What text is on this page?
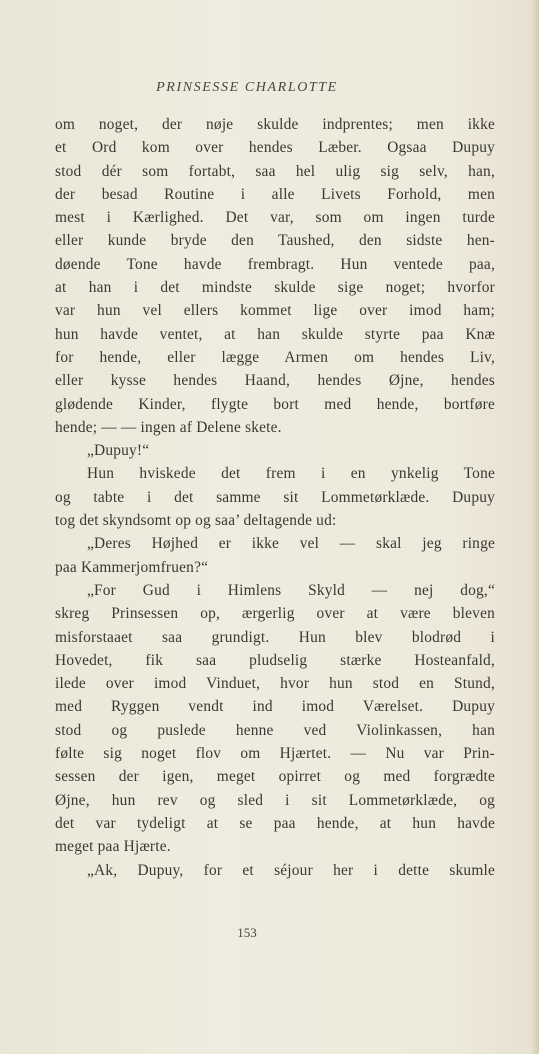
PRINSESSE CHARLOTTE
om noget, der nøje skulde indprentes; men ikke
et Ord kom over hendes Læber. Ogsaa Dupuy
stod dér som fortabt, saa hel ulig sig selv, han,
der besad Routine i alle Livets Forhold, men
mest i Kærlighed. Det var, som om ingen turde
eller kunde bryde den Taushed, den sidste hen-
døende Tone havde frembragt. Hun ventede paa,
at han i det mindste skulde sige noget; hvorfor
var hun vel ellers kommet lige over imod ham;
hun havde ventet, at han skulde styrte paa Knæ
for hende, eller lægge Armen om hendes Liv,
eller kysse hendes Haand, hendes Øjne, hendes
glødende Kinder, flygte bort med hende, bortføre
hende; — — ingen af Delene skete.
„Dupuy!“
Hun hviskede det frem i en ynkelig Tone
og tabte i det samme sit Lommetørklæde. Dupuy
tog det skyndsomt op og saa’ deltagende ud:
„Deres Højhed er ikke vel — skal jeg ringe
paa Kammerjomfruen?“
„For Gud i Himlens Skyld — nej dog,“
skreg Prinsessen op, ærgerlig over at være bleven
misforstaaet saa grundigt. Hun blev blodrød i
Hovedet, fik saa pludselig stærke Hosteanfald,
ilede over imod Vinduet, hvor hun stod en Stund,
med Ryggen vendt ind imod Værelset. Dupuy
stod og puslede henne ved Violinkassen, han
følte sig noget flov om Hjærtet. — Nu var Prin-
sessen der igen, meget opirret og med forgrædte
Øjne, hun rev og sled i sit Lommetørklæde, og
det var tydeligt at se paa hende, at hun havde
meget paa Hjærte.
„Ak, Dupuy, for et séjour her i dette skumle
153
